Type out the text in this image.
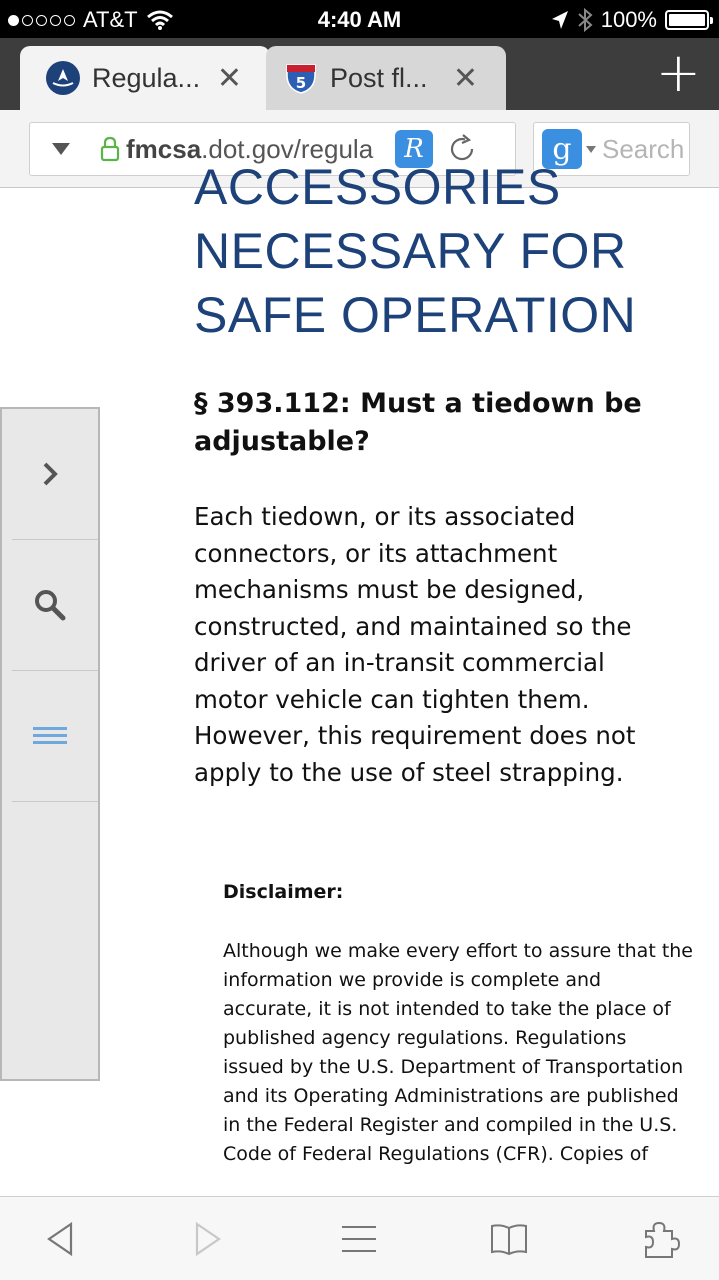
AT&T	4:40 AM	100%
Regula... ✕	5 Post fl... ✕	+
fmcsa.dot.gov/regula	R	g	Search
ACCESSORIES
NECESSARY FOR
SAFE OPERATION
§ 393.112: Must a tiedown be adjustable?
Each tiedown, or its associated connectors, or its attachment mechanisms must be designed, constructed, and maintained so the driver of an in-transit commercial motor vehicle can tighten them. However, this requirement does not apply to the use of steel strapping.
Disclaimer:
Although we make every effort to assure that the information we provide is complete and accurate, it is not intended to take the place of published agency regulations. Regulations issued by the U.S. Department of Transportation and its Operating Administrations are published in the Federal Register and compiled in the U.S. Code of Federal Regulations (CFR). Copies of
